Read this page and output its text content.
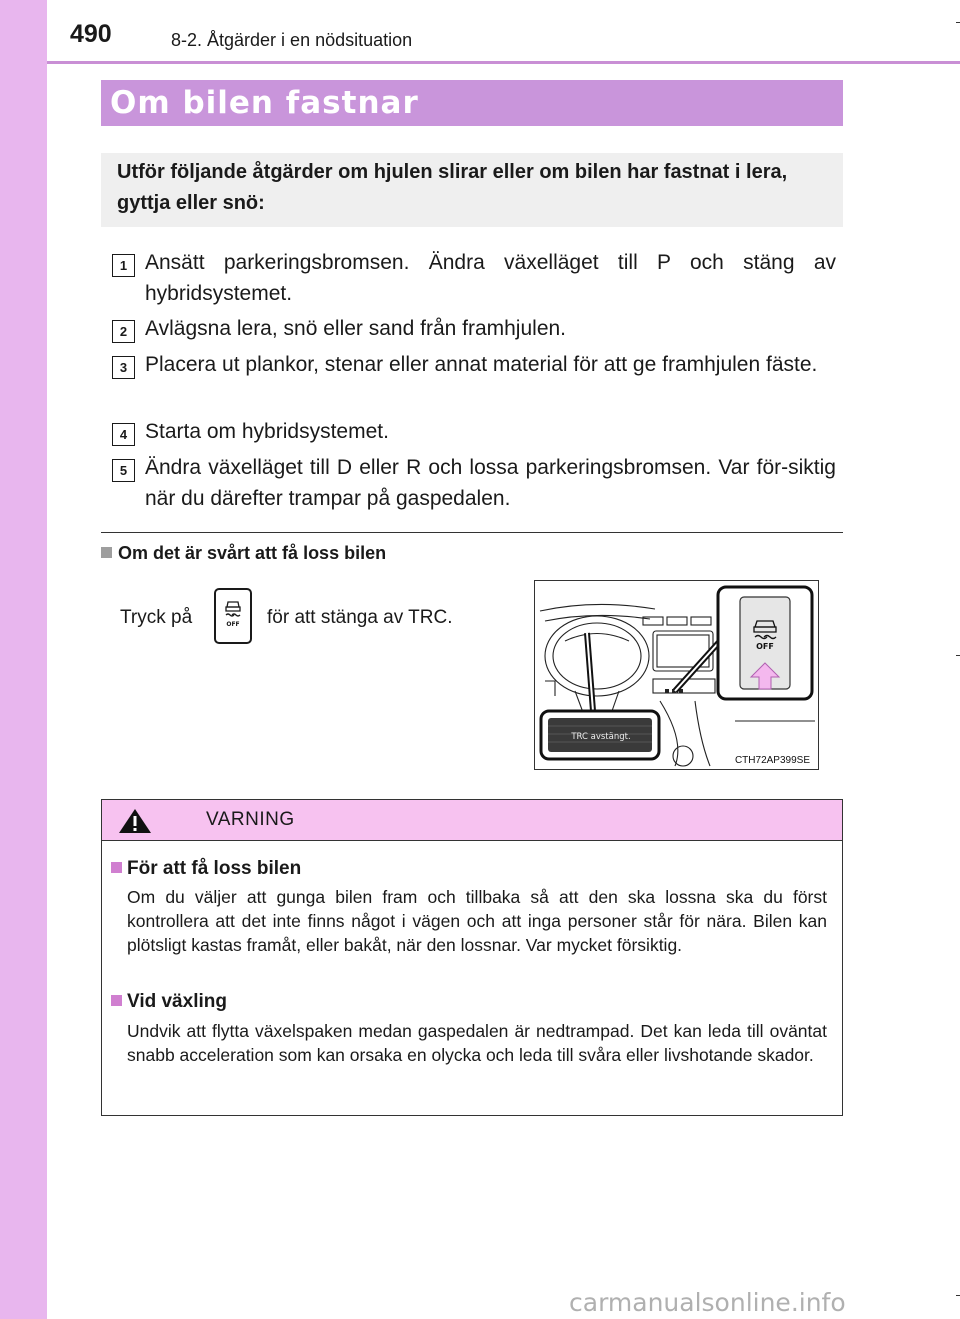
490	8-2. Åtgärder i en nödsituation
Om bilen fastnar
Utför följande åtgärder om hjulen slirar eller om bilen har fastnat i lera, gyttja eller snö:
1 Ansätt parkeringsbromsen. Ändra växelläget till P och stäng av hybridsystemet.
2 Avlägsna lera, snö eller sand från framhjulen.
3 Placera ut plankor, stenar eller annat material för att ge framhjulen fäste.
4 Starta om hybridsystemet.
5 Ändra växelläget till D eller R och lossa parkeringsbromsen. Var för-siktig när du därefter trampar på gaspedalen.
Om det är svårt att få loss bilen
Tryck på	OFF för att stänga av TRC.
OFF
TRC avstängt.
CTH72AP399SE
VARNING
För att få loss bilen
Om du väljer att gunga bilen fram och tillbaka så att den ska lossna ska du först kontrollera att det inte finns något i vägen och att inga personer står för nära. Bilen kan plötsligt kastas framåt, eller bakåt, när den lossnar. Var mycket försiktig.
Vid växling
Undvik att flytta växelspaken medan gaspedalen är nedtrampad. Det kan leda till oväntat snabb acceleration som kan orsaka en olycka och leda till svåra eller livshotande skador.
carmanualsonline.info
